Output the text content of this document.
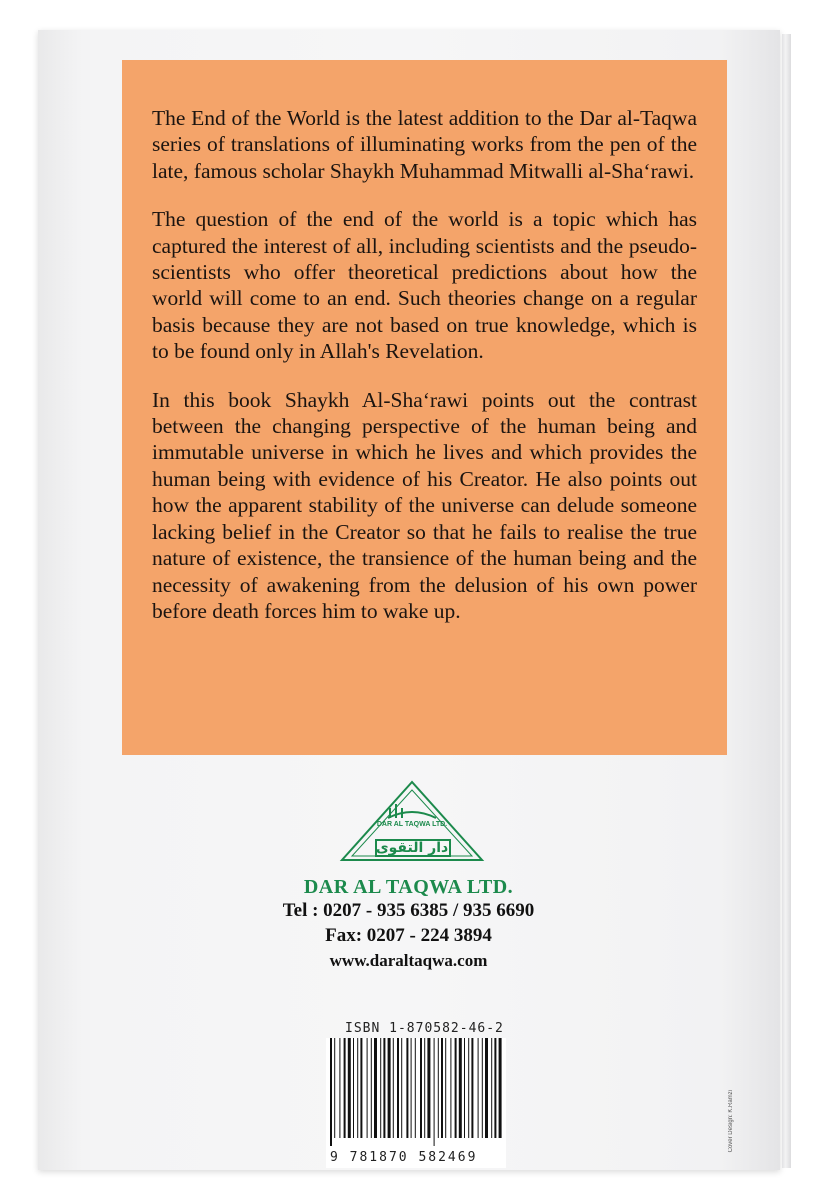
The End of the World is the latest addition to the Dar al-Taqwa series of translations of illuminating works from the pen of the late, famous scholar Shaykh Muhammad Mitwalli al-Sha‘rawi.

The question of the end of the world is a topic which has captured the interest of all, including scientists and the pseudo-scientists who offer theoretical predictions about how the world will come to an end. Such theories change on a regular basis because they are not based on true knowledge, which is to be found only in Allah's Revelation.

In this book Shaykh Al-Sha‘rawi points out the contrast between the changing perspective of the human being and immutable universe in which he lives and which provides the human being with evidence of his Creator. He also points out how the apparent stability of the universe can delude someone lacking belief in the Creator so that he fails to realise the true nature of existence, the transience of the human being and the necessity of awakening from the delusion of his own power before death forces him to wake up.

DAR AL TAQWA LTD.
دار التقوى
DAR AL TAQWA LTD.
Tel : 0207 - 935 6385 / 935 6690
Fax: 0207 - 224 3894
www.daraltaqwa.com
ISBN 1-870582-46-2
9 781870 582469
Cover Design: K.Ramzi
